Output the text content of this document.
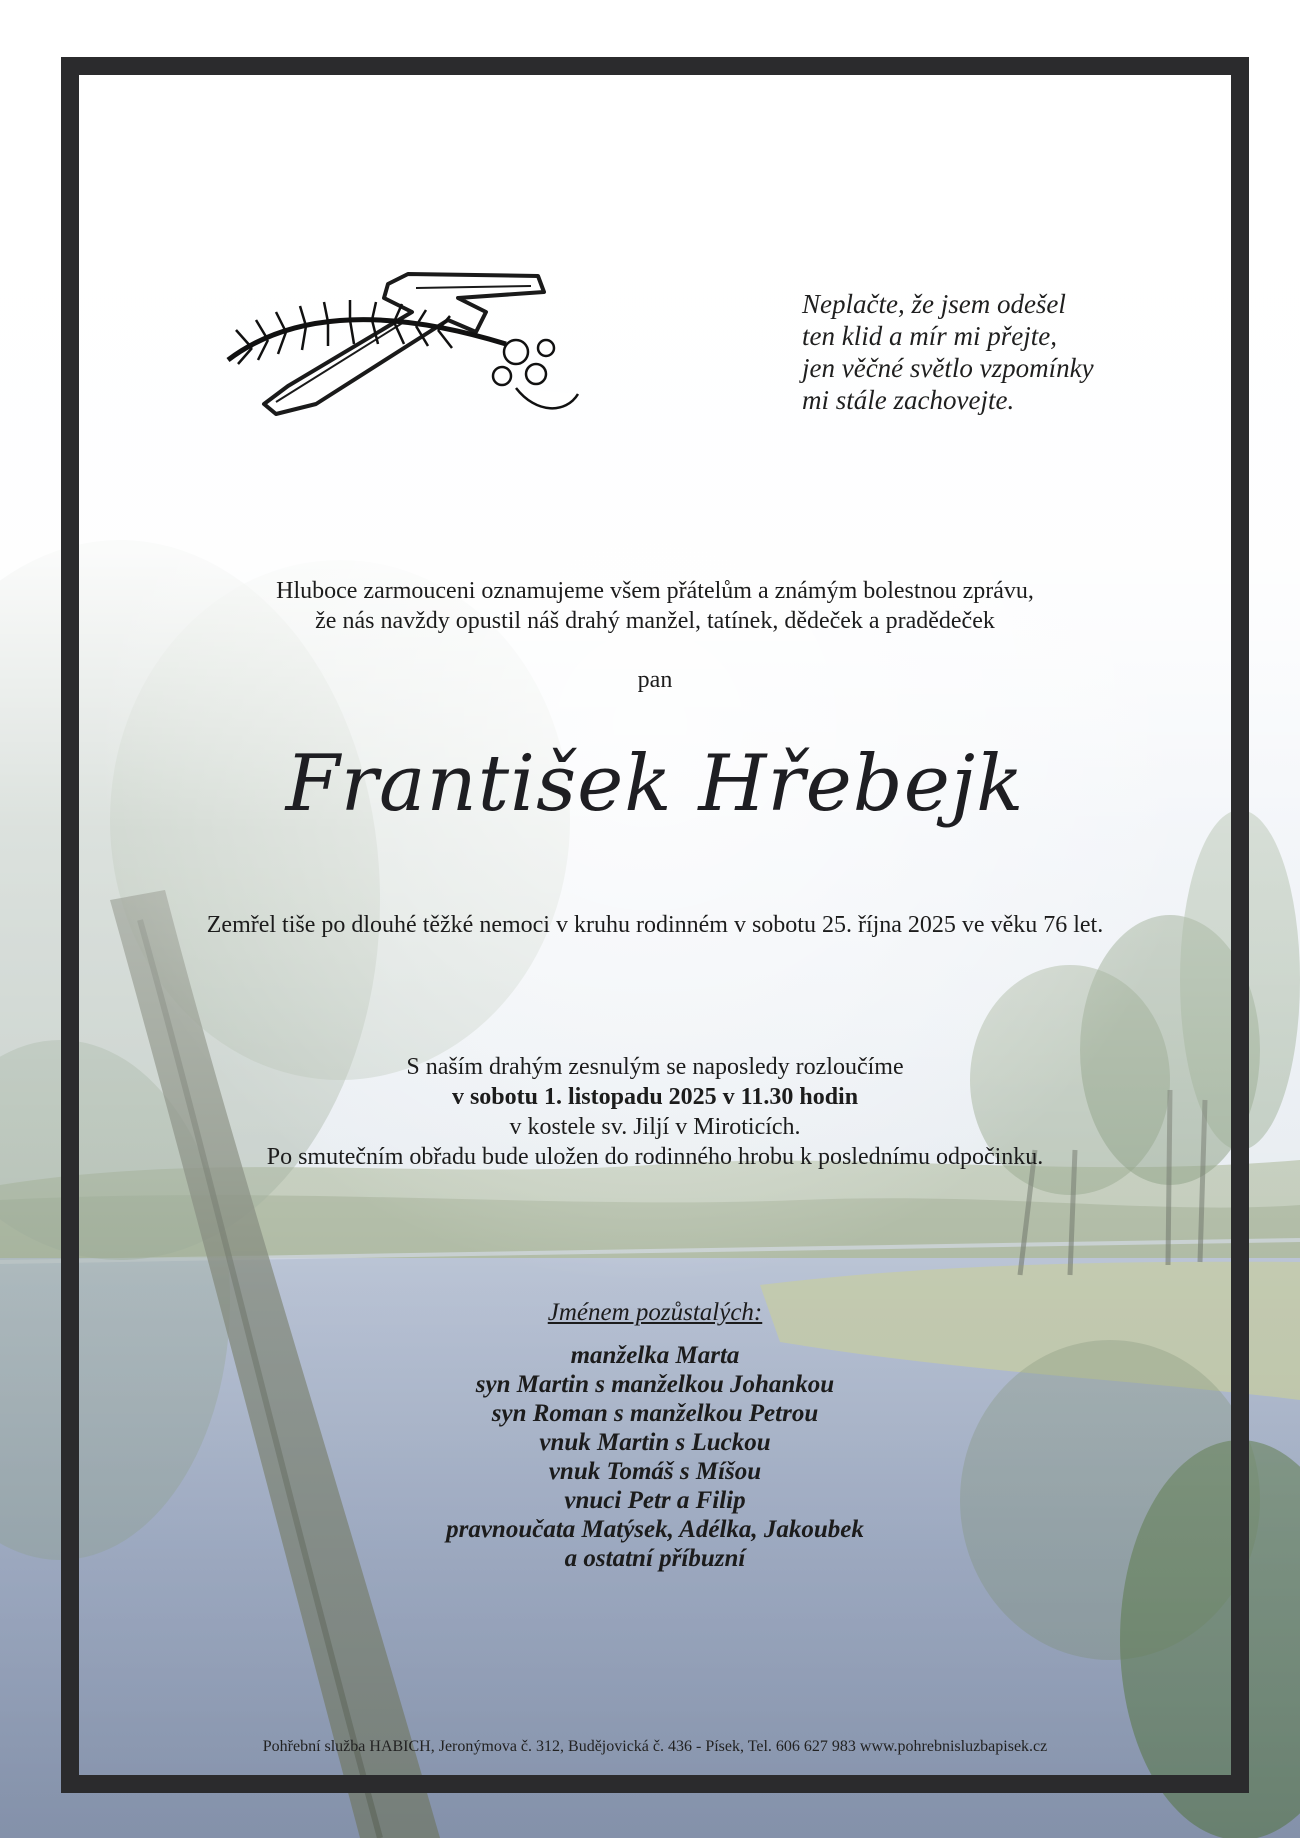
Neplačte, že jsem odešel
ten klid a mír mi přejte,
jen věčné světlo vzpomínky
mi stále zachovejte.
Hluboce zarmouceni oznamujeme všem přátelům a známým bolestnou zprávu,
že nás navždy opustil náš drahý manžel, tatínek, dědeček a pradědeček
pan
František Hřebejk
Zemřel tiše po dlouhé těžké nemoci v kruhu rodinném v sobotu 25. října 2025 ve věku 76 let.
S naším drahým zesnulým se naposledy rozloučíme
v sobotu 1. listopadu 2025 v 11.30 hodin
v kostele sv. Jiljí v Miroticích.
Po smutečním obřadu bude uložen do rodinného hrobu k poslednímu odpočinku.
Jménem pozůstalých:
manželka Marta
syn Martin s manželkou Johankou
syn Roman s manželkou Petrou
vnuk Martin s Luckou
vnuk Tomáš s Míšou
vnuci Petr a Filip
pravnoučata Matýsek, Adélka, Jakoubek
a ostatní příbuzní
Pohřební služba HABICH, Jeronýmova č. 312, Budějovická č. 436 - Písek, Tel. 606 627 983 www.pohrebnisluzbapisek.cz
